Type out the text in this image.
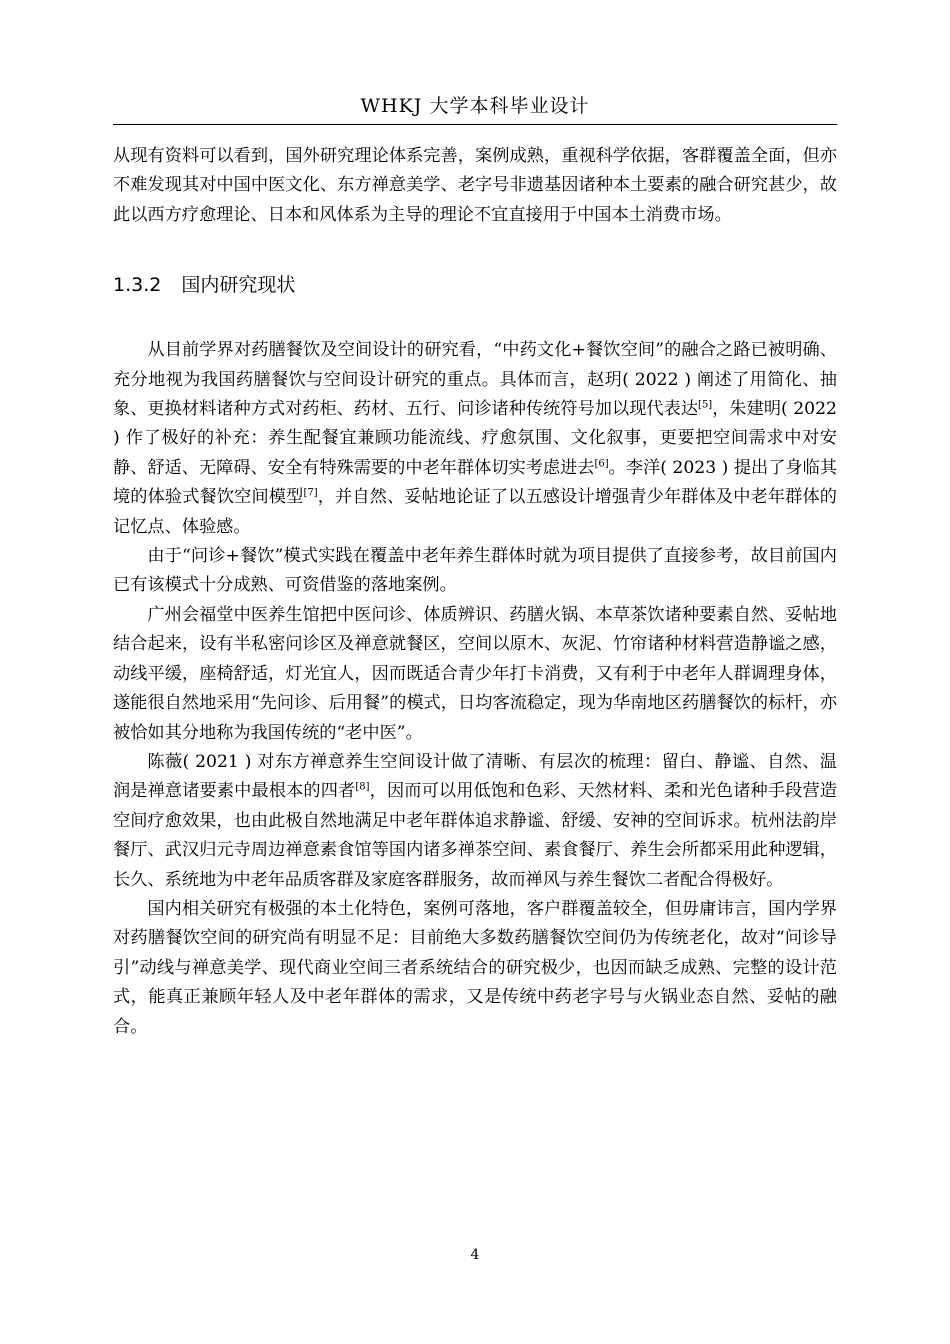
WHKJ 大学本科毕业设计

从现有资料可以看到，国外研究理论体系完善，案例成熟，重视科学依据，客群覆盖全面，但亦不难发现其对中国中医文化、东方禅意美学、老字号非遗基因诸种本土要素的融合研究甚少，故此以西方疗愈理论、日本和风体系为主导的理论不宜直接用于中国本土消费市场。

1.3.2 国内研究现状

从目前学界对药膳餐饮及空间设计的研究看，“中药文化+餐饮空间”的融合之路已被明确、充分地视为我国药膳餐饮与空间设计研究的重点。具体而言，赵玥( 2022 ) 阐述了用简化、抽象、更换材料诸种方式对药柜、药材、五行、问诊诸种传统符号加以现代表达[5]，朱建明( 2022 ) 作了极好的补充：养生配餐宜兼顾功能流线、疗愈氛围、文化叙事，更要把空间需求中对安静、舒适、无障碍、安全有特殊需要的中老年群体切实考虑进去[6]。李洋( 2023 ) 提出了身临其境的体验式餐饮空间模型[7]，并自然、妥帖地论证了以五感设计增强青少年群体及中老年群体的记忆点、体验感。

由于“问诊+餐饮”模式实践在覆盖中老年养生群体时就为项目提供了直接参考，故目前国内已有该模式十分成熟、可资借鉴的落地案例。

广州会福堂中医养生馆把中医问诊、体质辨识、药膳火锅、本草茶饮诸种要素自然、妥帖地结合起来，设有半私密问诊区及禅意就餐区，空间以原木、灰泥、竹帘诸种材料营造静谧之感，动线平缓，座椅舒适，灯光宜人，因而既适合青少年打卡消费，又有利于中老年人群调理身体，遂能很自然地采用“先问诊、后用餐”的模式，日均客流稳定，现为华南地区药膳餐饮的标杆，亦被恰如其分地称为我国传统的“老中医”。

陈薇( 2021 ) 对东方禅意养生空间设计做了清晰、有层次的梳理：留白、静谧、自然、温润是禅意诸要素中最根本的四者[8]，因而可以用低饱和色彩、天然材料、柔和光色诸种手段营造空间疗愈效果，也由此极自然地满足中老年群体追求静谧、舒缓、安神的空间诉求。杭州法韵岸餐厅、武汉归元寺周边禅意素食馆等国内诸多禅茶空间、素食餐厅、养生会所都采用此种逻辑，长久、系统地为中老年品质客群及家庭客群服务，故而禅风与养生餐饮二者配合得极好。

国内相关研究有极强的本土化特色，案例可落地，客户群覆盖较全，但毋庸讳言，国内学界对药膳餐饮空间的研究尚有明显不足：目前绝大多数药膳餐饮空间仍为传统老化，故对“问诊导引”动线与禅意美学、现代商业空间三者系统结合的研究极少，也因而缺乏成熟、完整的设计范式，能真正兼顾年轻人及中老年群体的需求，又是传统中药老字号与火锅业态自然、妥帖的融合。

4
